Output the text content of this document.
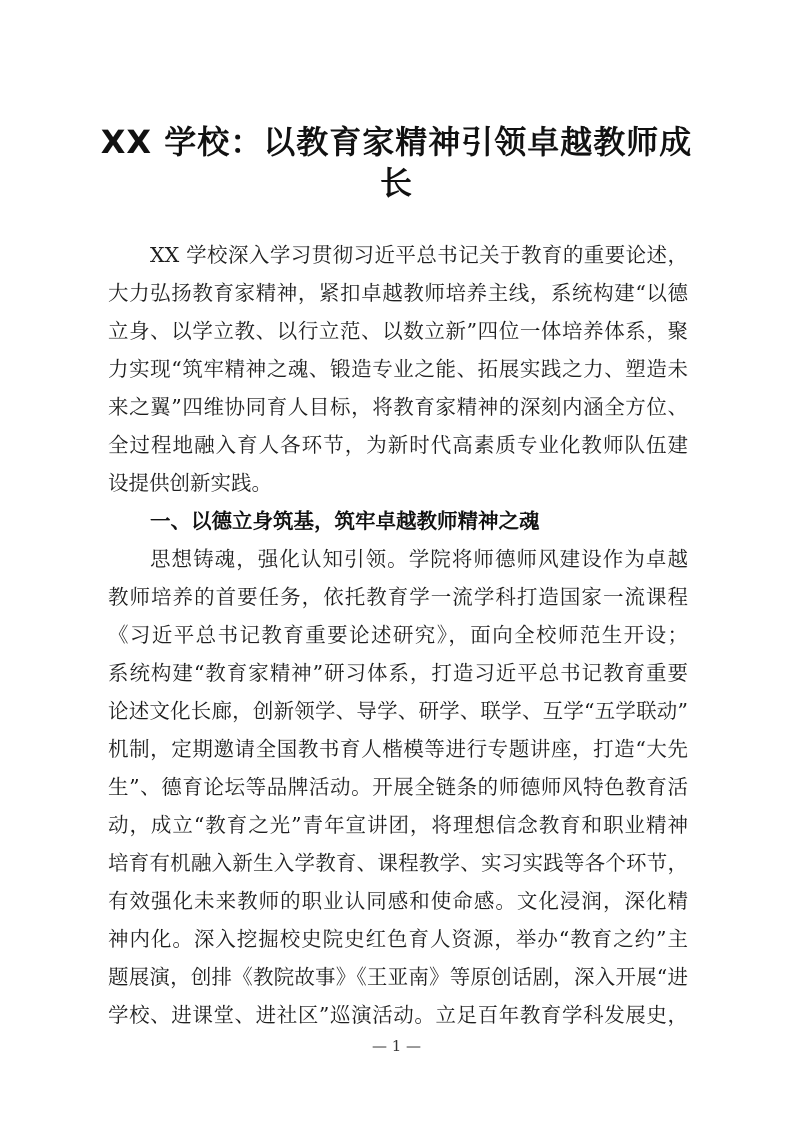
XX 学校：以教育家精神引领卓越教师成
长
XX 学校深入学习贯彻习近平总书记关于教育的重要论述，
大力弘扬教育家精神，紧扣卓越教师培养主线，系统构建“以德
立身、以学立教、以行立范、以数立新”四位一体培养体系，聚
力实现“筑牢精神之魂、锻造专业之能、拓展实践之力、塑造未
来之翼”四维协同育人目标，将教育家精神的深刻内涵全方位、
全过程地融入育人各环节，为新时代高素质专业化教师队伍建
设提供创新实践。
一、以德立身筑基，筑牢卓越教师精神之魂
思想铸魂，强化认知引领。学院将师德师风建设作为卓越
教师培养的首要任务，依托教育学一流学科打造国家一流课程
《习近平总书记教育重要论述研究》，面向全校师范生开设；
系统构建“教育家精神”研习体系，打造习近平总书记教育重要
论述文化长廊，创新领学、导学、研学、联学、互学“五学联动”
机制，定期邀请全国教书育人楷模等进行专题讲座，打造“大先
生”、德育论坛等品牌活动。开展全链条的师德师风特色教育活
动，成立“教育之光”青年宣讲团，将理想信念教育和职业精神
培育有机融入新生入学教育、课程教学、实习实践等各个环节，
有效强化未来教师的职业认同感和使命感。文化浸润，深化精
神内化。深入挖掘校史院史红色育人资源，举办“教育之约”主
题展演，创排《教院故事》《王亚南》等原创话剧，深入开展“进
学校、进课堂、进社区”巡演活动。立足百年教育学科发展史，
— 1 —
